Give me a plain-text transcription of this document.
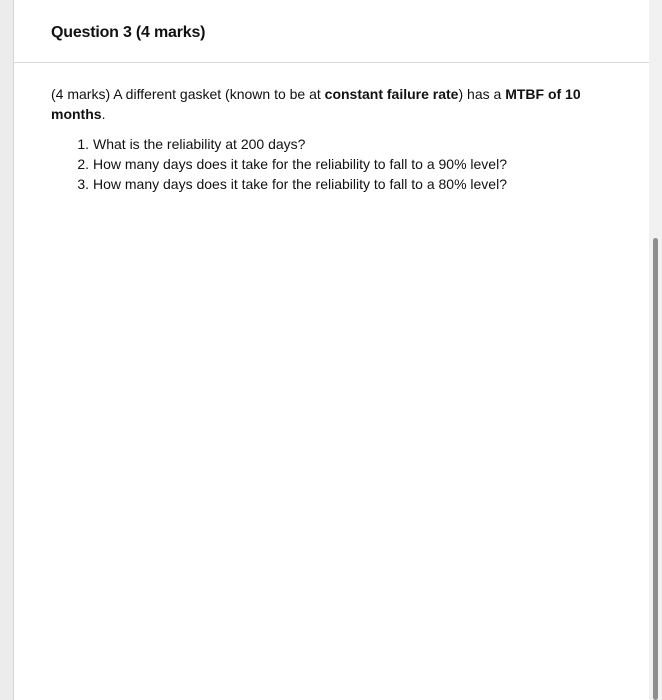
Question 3 (4 marks)

(4 marks) A different gasket (known to be at constant failure rate) has a MTBF of 10 months.

1. What is the reliability at 200 days?
2. How many days does it take for the reliability to fall to a 90% level?
3. How many days does it take for the reliability to fall to a 80% level?
